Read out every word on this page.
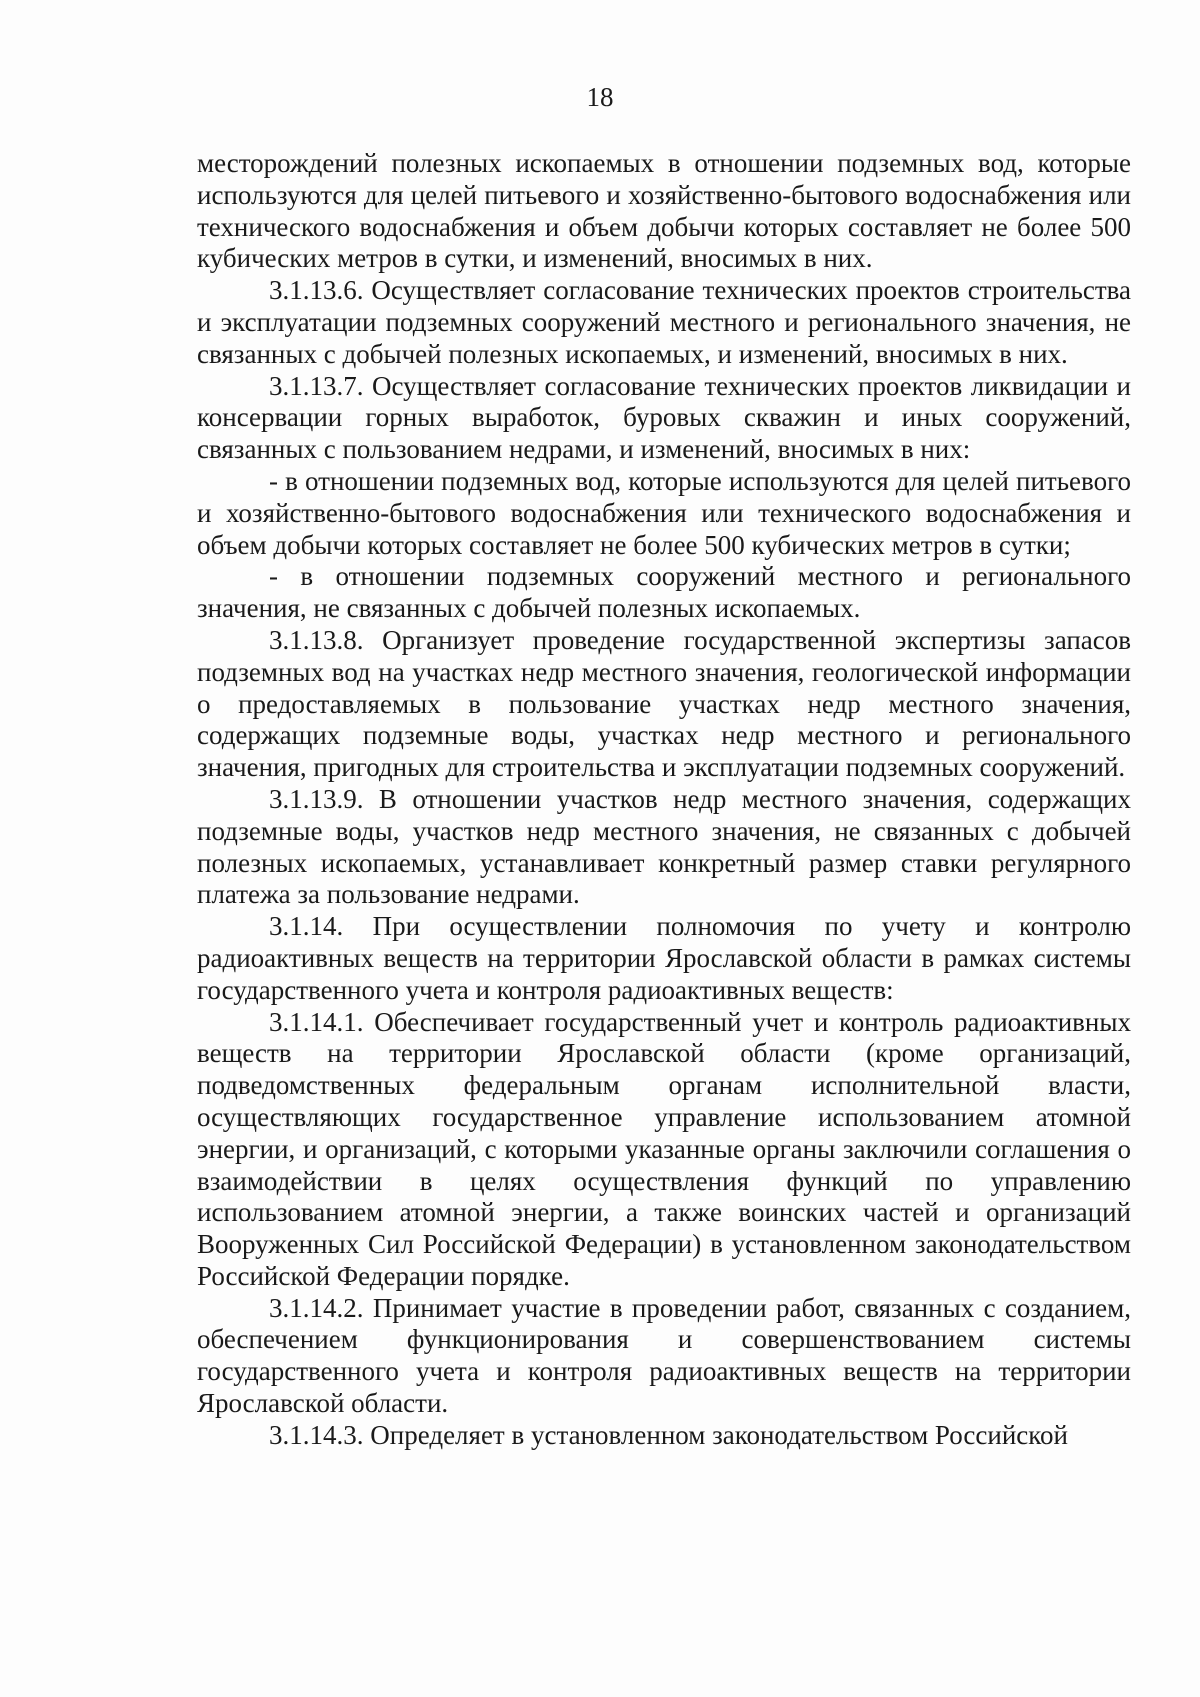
18

месторождений полезных ископаемых в отношении подземных вод, которые используются для целей питьевого и хозяйственно-бытового водоснабжения или технического водоснабжения и объем добычи которых составляет не более 500 кубических метров в сутки, и изменений, вносимых в них.

3.1.13.6. Осуществляет согласование технических проектов строительства и эксплуатации подземных сооружений местного и регионального значения, не связанных с добычей полезных ископаемых, и изменений, вносимых в них.

3.1.13.7. Осуществляет согласование технических проектов ликвидации и консервации горных выработок, буровых скважин и иных сооружений, связанных с пользованием недрами, и изменений, вносимых в них:

- в отношении подземных вод, которые используются для целей питьевого и хозяйственно-бытового водоснабжения или технического водоснабжения и объем добычи которых составляет не более 500 кубических метров в сутки;

- в отношении подземных сооружений местного и регионального значения, не связанных с добычей полезных ископаемых.

3.1.13.8. Организует проведение государственной экспертизы запасов подземных вод на участках недр местного значения, геологической информации о предоставляемых в пользование участках недр местного значения, содержащих подземные воды, участках недр местного и регионального значения, пригодных для строительства и эксплуатации подземных сооружений.

3.1.13.9. В отношении участков недр местного значения, содержащих подземные воды, участков недр местного значения, не связанных с добычей полезных ископаемых, устанавливает конкретный размер ставки регулярного платежа за пользование недрами.

3.1.14. При осуществлении полномочия по учету и контролю радиоактивных веществ на территории Ярославской области в рамках системы государственного учета и контроля радиоактивных веществ:

3.1.14.1. Обеспечивает государственный учет и контроль радиоактивных веществ на территории Ярославской области (кроме организаций, подведомственных федеральным органам исполнительной власти, осуществляющих государственное управление использованием атомной энергии, и организаций, с которыми указанные органы заключили соглашения о взаимодействии в целях осуществления функций по управлению использованием атомной энергии, а также воинских частей и организаций Вооруженных Сил Российской Федерации) в установленном законодательством Российской Федерации порядке.

3.1.14.2. Принимает участие в проведении работ, связанных с созданием, обеспечением функционирования и совершенствованием системы государственного учета и контроля радиоактивных веществ на территории Ярославской области.

3.1.14.3. Определяет в установленном законодательством Российской
